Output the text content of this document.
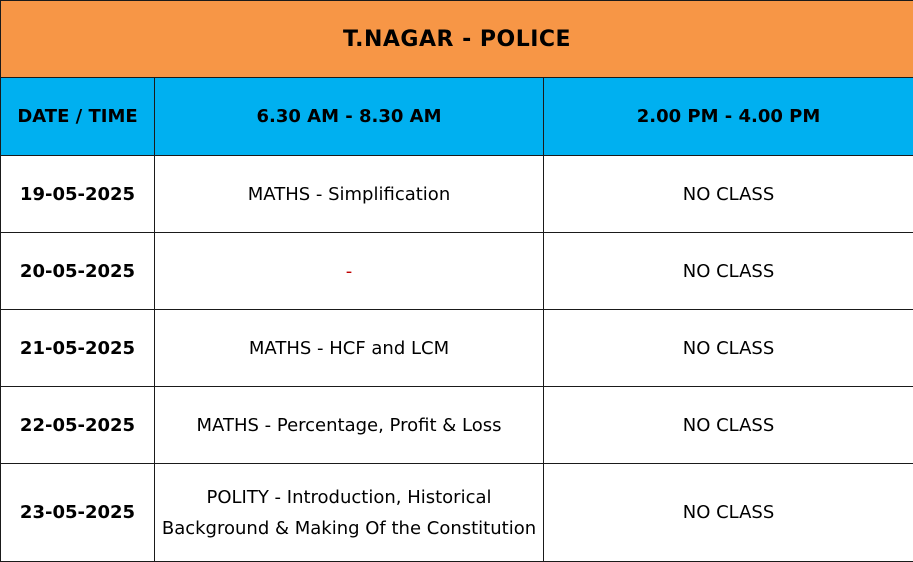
T.NAGAR - POLICE		
DATE / TIME	6.30 AM - 8.30 AM	2.00 PM - 4.00 PM
19-05-2025	MATHS - Simplification	NO CLASS
20-05-2025	-	NO CLASS
21-05-2025	MATHS - HCF and LCM	NO CLASS
22-05-2025	MATHS - Percentage, Profit & Loss	NO CLASS
23-05-2025	POLITY - Introduction, Historical Background & Making Of the Constitution	NO CLASS
